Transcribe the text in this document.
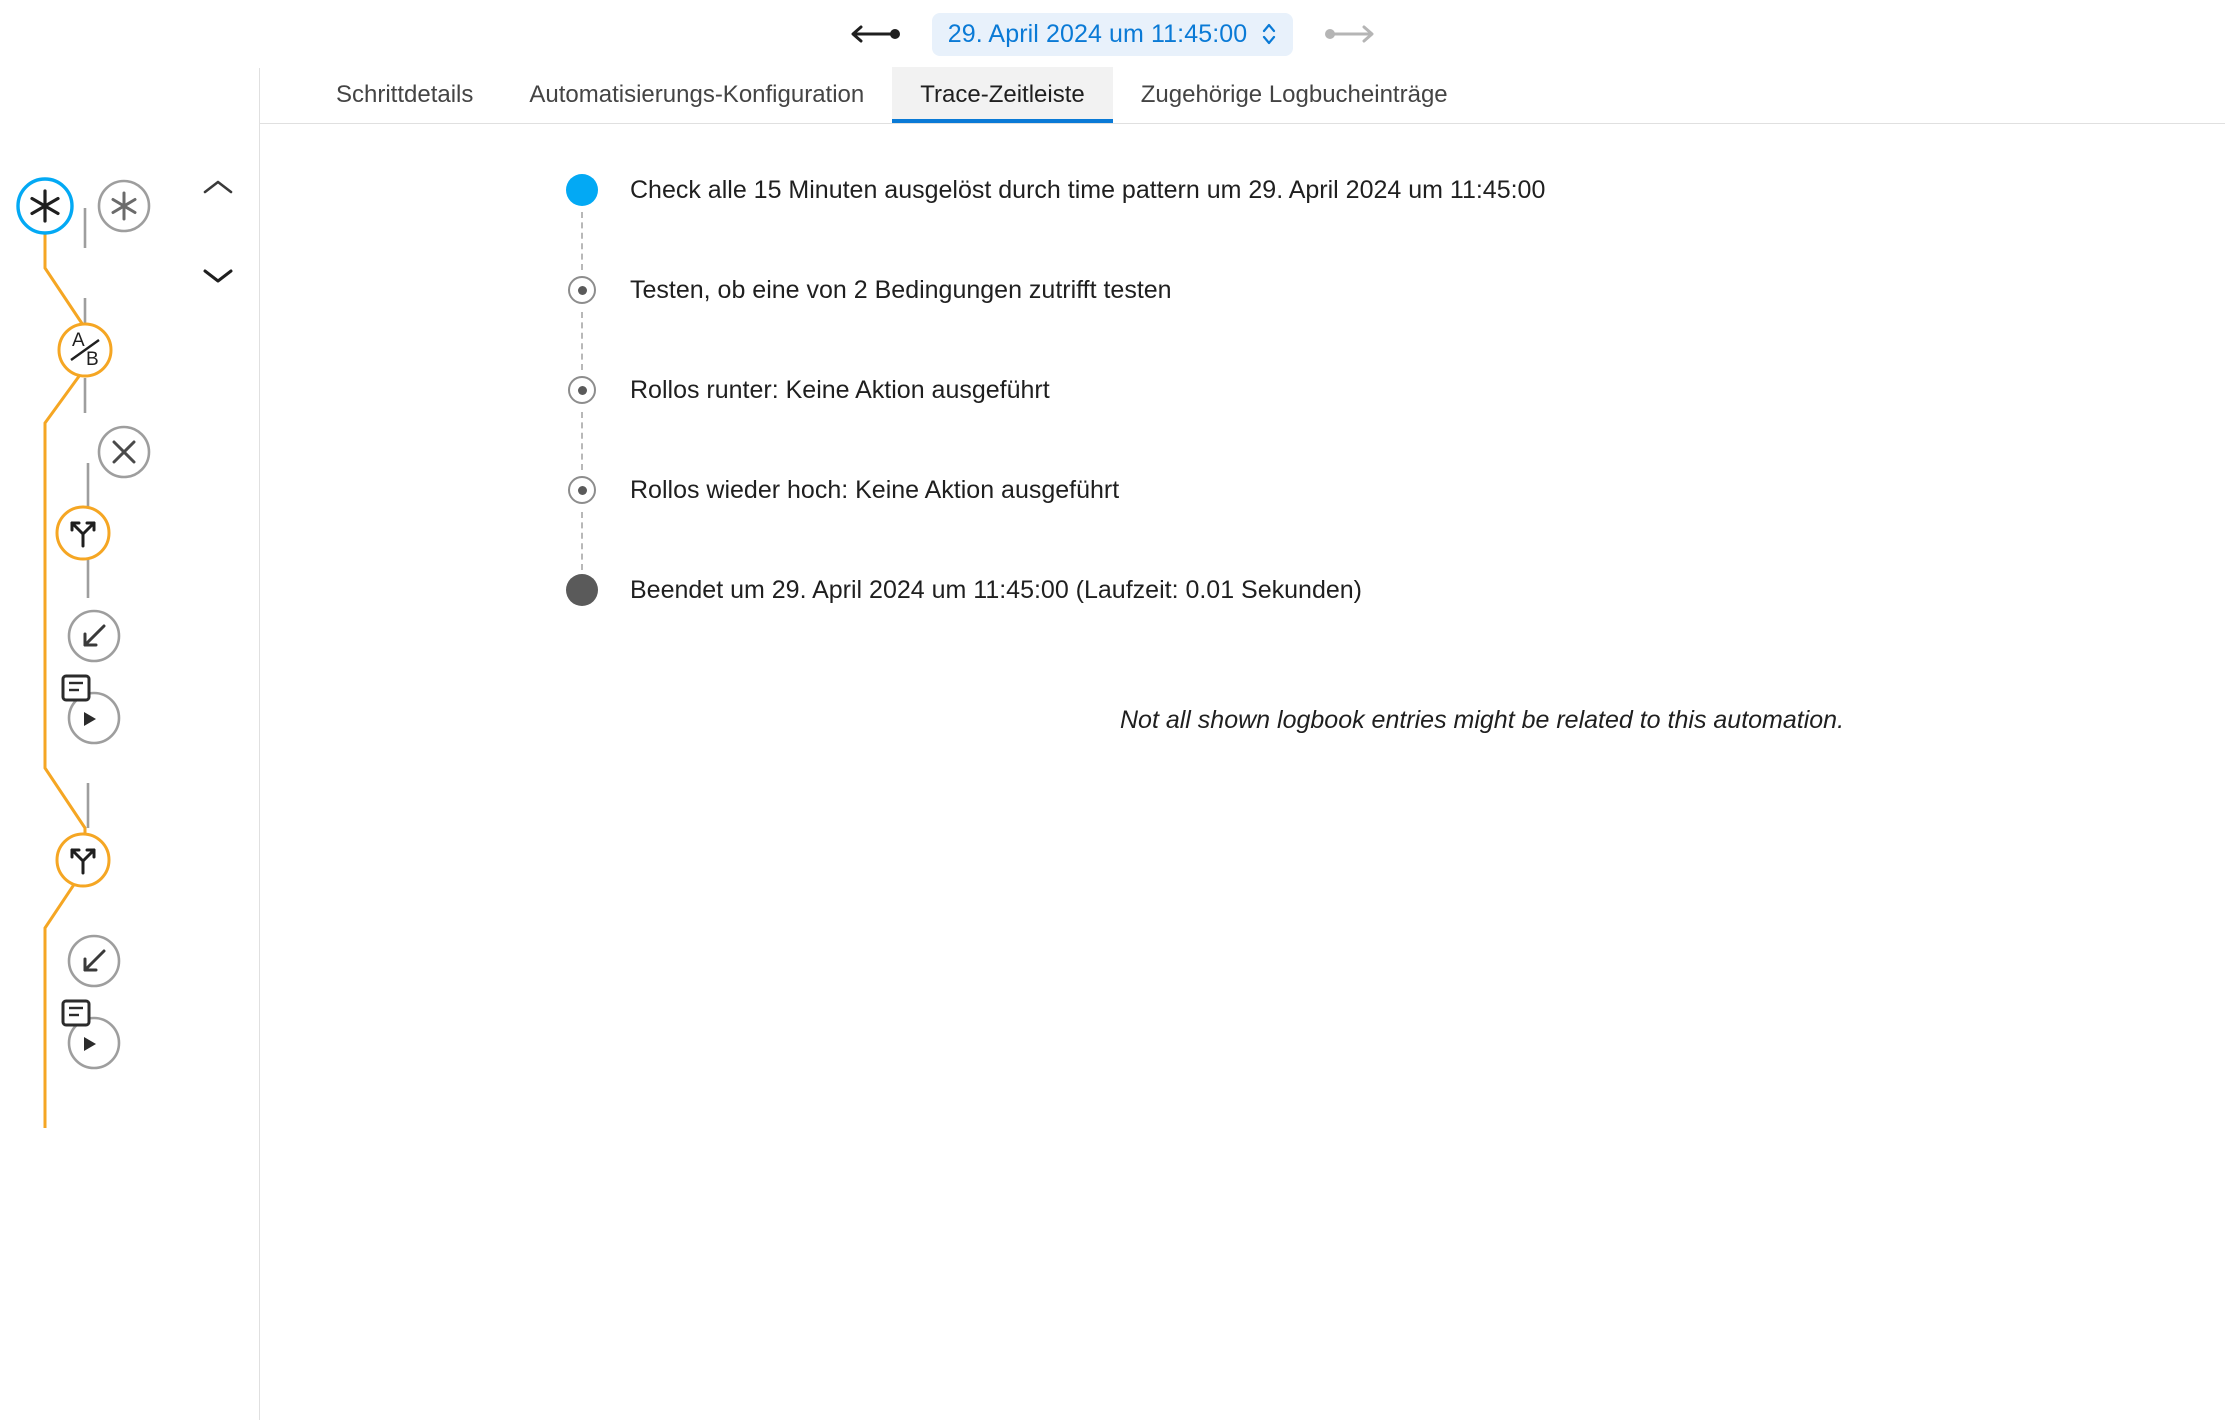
29. April 2024 um 11:45:00
A
B
Schrittdetails	Automatisierungs-Konfiguration	Trace-Zeitleiste	Zugehörige Logbucheinträge
Check alle 15 Minuten ausgelöst durch time pattern um 29. April 2024 um 11:45:00
Testen, ob eine von 2 Bedingungen zutrifft testen
Rollos runter: Keine Aktion ausgeführt
Rollos wieder hoch: Keine Aktion ausgeführt
Beendet um 29. April 2024 um 11:45:00 (Laufzeit: 0.01 Sekunden)
Not all shown logbook entries might be related to this automation.
